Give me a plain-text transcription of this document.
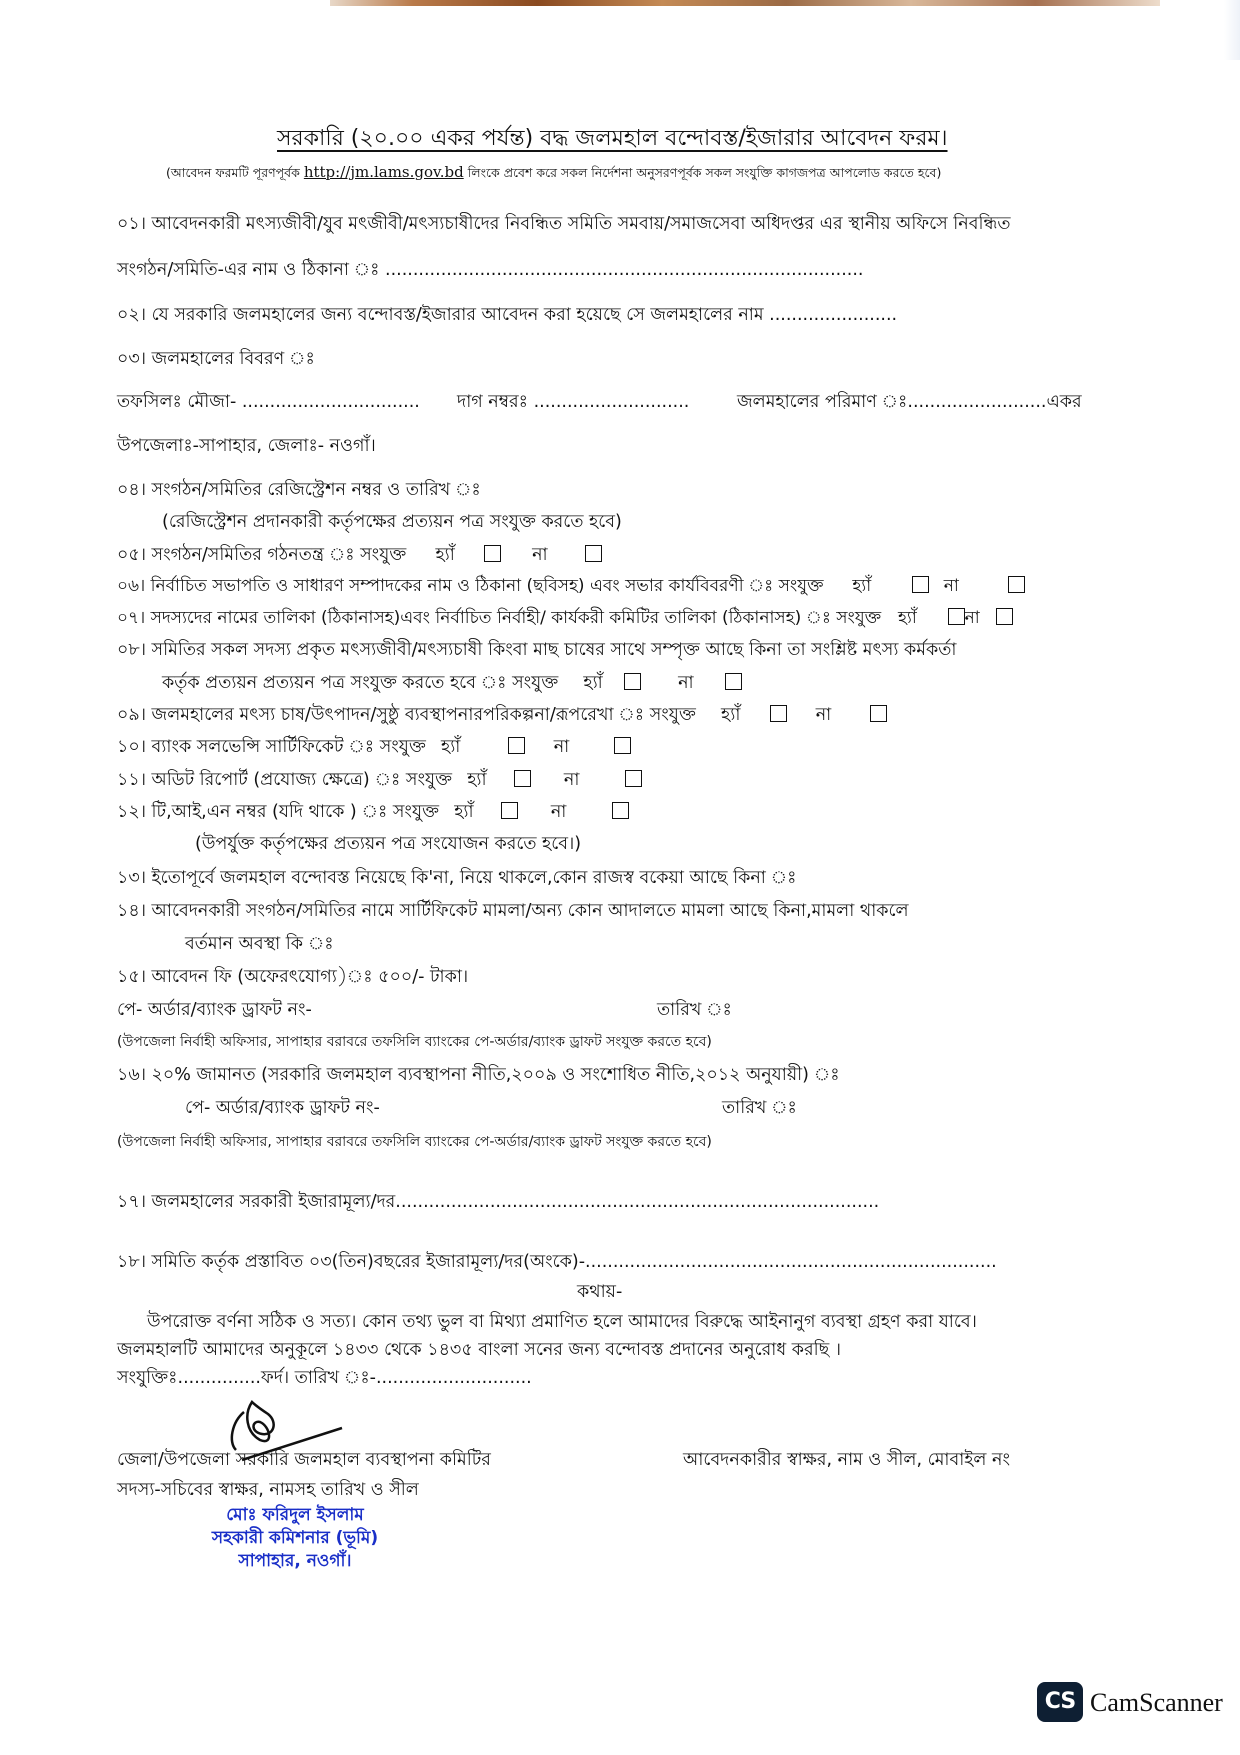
সরকারি (২০.০০ একর পর্যন্ত) বদ্ধ জলমহাল বন্দোবস্ত/ইজারার আবেদন ফরম।
(আবেদন ফরমটি পূরণপূর্বক http://jm.lams.gov.bd লিংকে প্রবেশ করে সকল নির্দেশনা অনুসরণপূর্বক সকল সংযুক্তি কাগজপত্র আপলোড করতে হবে)
০১। আবেদনকারী মৎস্যজীবী/যুব মৎজীবী/মৎস্যচাষীদের নিবন্ধিত সমিতি সমবায়/সমাজসেবা অধিদপ্তর এর স্থানীয় অফিসে নিবন্ধিত
সংগঠন/সমিতি-এর নাম ও ঠিকানা ঃ ......................................................................................
০২। যে সরকারি জলমহালের জন্য বন্দোবস্ত/ইজারার আবেদন করা হয়েছে সে জলমহালের নাম .......................
০৩। জলমহালের বিবরণ ঃ
তফসিলঃ মৌজা- ................................ দাগ নম্বরঃ ............................	জলমহালের পরিমাণ ঃ.........................একর
উপজেলাঃ-সাপাহার, জেলাঃ- নওগাঁ।
০৪। সংগঠন/সমিতির রেজিস্ট্রেশন নম্বর ও তারিখ ঃ
(রেজিস্ট্রেশন প্রদানকারী কর্তৃপক্ষের প্রত্যয়ন পত্র সংযুক্ত করতে হবে)
০৫। সংগঠন/সমিতির গঠনতন্ত্র ঃ সংযুক্ত হ্যাঁ	না
০৬। নির্বাচিত সভাপতি ও সাধারণ সম্পাদকের নাম ও ঠিকানা (ছবিসহ) এবং সভার কার্যবিবরণী ঃ সংযুক্ত হ্যাঁ	না
০৭। সদস্যদের নামের তালিকা (ঠিকানাসহ)এবং নির্বাচিত নির্বাহী/ কার্যকরী কমিটির তালিকা (ঠিকানাসহ) ঃ সংযুক্ত হ্যাঁ	না
০৮। সমিতির সকল সদস্য প্রকৃত মৎস্যজীবী/মৎস্যচাষী কিংবা মাছ চাষের সাথে সম্পৃক্ত আছে কিনা তা সংশ্লিষ্ট মৎস্য কর্মকর্তা
কর্তৃক প্রত্যয়ন প্রত্যয়ন পত্র সংযুক্ত করতে হবে ঃ সংযুক্ত হ্যাঁ	না
০৯। জলমহালের মৎস্য চাষ/উৎপাদন/সুষ্ঠু ব্যবস্থাপনারপরিকল্পনা/রূপরেখা ঃ সংযুক্ত হ্যাঁ	না
১০। ব্যাংক সলভেন্সি সার্টিফিকেট ঃ সংযুক্ত হ্যাঁ	না
১১। অডিট রিপোর্ট (প্রযোজ্য ক্ষেত্রে) ঃ সংযুক্ত হ্যাঁ	না
১২। টি,আই,এন নম্বর (যদি থাকে ) ঃ সংযুক্ত হ্যাঁ	না
(উপর্যুক্ত কর্তৃপক্ষের প্রত্যয়ন পত্র সংযোজন করতে হবে।)
১৩। ইতোপূর্বে জলমহাল বন্দোবস্ত নিয়েছে কি'না, নিয়ে থাকলে,কোন রাজস্ব বকেয়া আছে কিনা ঃ
১৪। আবেদনকারী সংগঠন/সমিতির নামে সার্টিফিকেট মামলা/অন্য কোন আদালতে মামলা আছে কিনা,মামলা থাকলে
বর্তমান অবস্থা কি ঃ
১৫। আবেদন ফি (অফেরৎযোগ্য)ঃ ৫০০/- টাকা।
পে- অর্ডার/ব্যাংক ড্রাফট নং-	তারিখ ঃ
(উপজেলা নির্বাহী অফিসার, সাপাহার বরাবরে তফসিলি ব্যাংকের পে-অর্ডার/ব্যাংক ড্রাফট সংযুক্ত করতে হবে)
১৬। ২০% জামানত (সরকারি জলমহাল ব্যবস্থাপনা নীতি,২০০৯ ও সংশোধিত নীতি,২০১২ অনুযায়ী) ঃ
পে- অর্ডার/ব্যাংক ড্রাফট নং-	তারিখ ঃ
(উপজেলা নির্বাহী অফিসার, সাপাহার বরাবরে তফসিলি ব্যাংকের পে-অর্ডার/ব্যাংক ড্রাফট সংযুক্ত করতে হবে)
১৭। জলমহালের সরকারী ইজারামূল্য/দর.......................................................................................
১৮। সমিতি কর্তৃক প্রস্তাবিত ০৩(তিন)বছরের ইজারামূল্য/দর(অংকে)-..........................................................................
কথায়-
উপরোক্ত বর্ণনা সঠিক ও সত্য। কোন তথ্য ভুল বা মিথ্যা প্রমাণিত হলে আমাদের বিরুদ্ধে আইনানুগ ব্যবস্থা গ্রহণ করা যাবে।
জলমহালটি আমাদের অনুকূলে ১৪৩৩ থেকে ১৪৩৫ বাংলা সনের জন্য বন্দোবস্ত প্রদানের অনুরোধ করছি ।
সংযুক্তিঃ...............ফর্দ। তারিখ ঃ-............................
জেলা/উপজেলা সরকারি জলমহাল ব্যবস্থাপনা কমিটির
সদস্য-সচিবের স্বাক্ষর, নামসহ তারিখ ও সীল
আবেদনকারীর স্বাক্ষর, নাম ও সীল, মোবাইল নং
মোঃ ফরিদুল ইসলাম
সহকারী কমিশনার (ভূমি)
সাপাহার, নওগাঁ।
CS CamScanner
